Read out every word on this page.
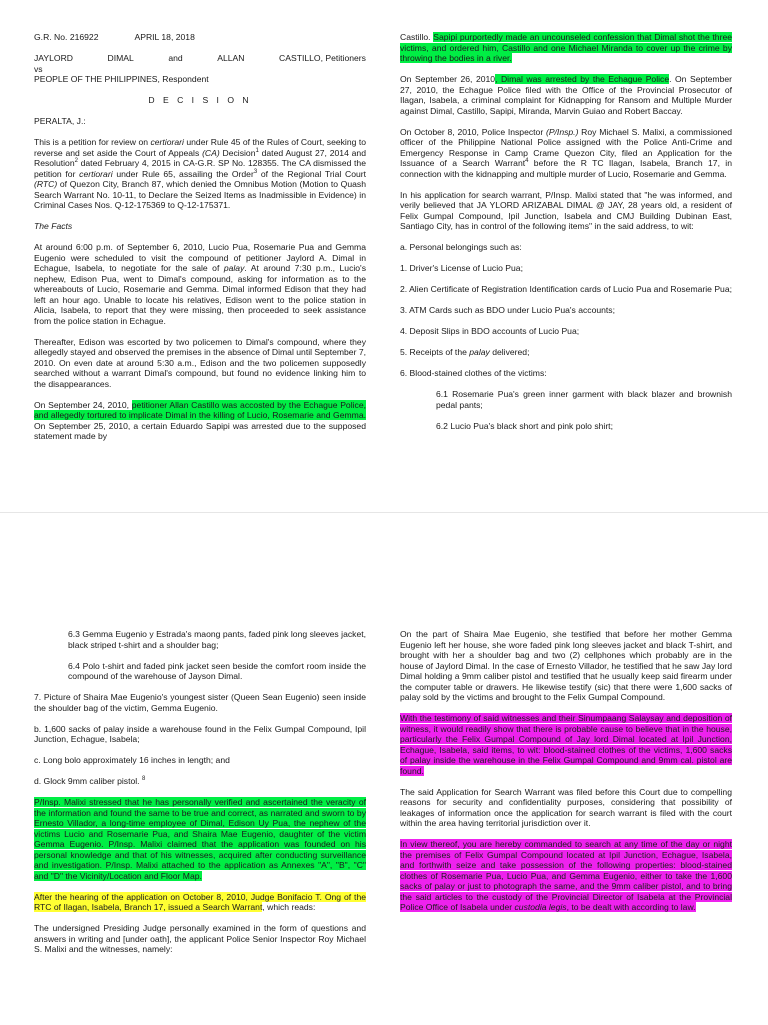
G.R. No. 216922	APRIL 18, 2018
JAYLORD	DIMAL	and	ALLAN	CASTILLO, Petitioners
vs
PEOPLE OF THE PHILIPPINES, Respondent
D E C I S I O N

PERALTA, J.:

This is a petition for review on certiorari under Rule 45 of the Rules of Court, seeking to reverse and set aside the Court of Appeals (CA) Decision$^1$ dated August 27, 2014 and Resolution$^2$ dated February 4, 2015 in CA-G.R. SP No. 128355. The CA dismissed the petition for certiorari under Rule 65, assailing the Order$^3$ of the Regional Trial Court (RTC) of Quezon City, Branch 87, which denied the Omnibus Motion (Motion to Quash Search Warrant No. 10-11, to Declare the Seized Items as Inadmissible in Evidence) in Criminal Cases Nos. Q-12-175369 to Q-12-175371.

The Facts

At around 6:00 p.m. of September 6, 2010, Lucio Pua, Rosemarie Pua and Gemma Eugenio were scheduled to visit the compound of petitioner Jaylord A. Dimal in Echague, Isabela, to negotiate for the sale of palay. At around 7:30 p.m., Lucio's nephew, Edison Pua, went to Dimal's compound, asking for information as to the whereabouts of Lucio, Rosemarie and Gemma. Dimal informed Edison that they had left an hour ago. Unable to locate his relatives, Edison went to the police station in Alicia, Isabela, to report that they were missing, then proceeded to seek assistance from the police station in Echague.

Thereafter, Edison was escorted by two policemen to Dimal's compound, where they allegedly stayed and observed the premises in the absence of Dimal until September 7, 2010. On even date at around 5:30 a.m., Edison and the two policemen supposedly searched without a warrant Dimal's compound, but found no evidence linking him to the disappearances.

On September 24, 2010, petitioner Allan Castillo was accosted by the Echague Police, and allegedly tortured to implicate Dimal in the killing of Lucio, Rosemarie and Gemma. On September 25, 2010, a certain Eduardo Sapipi was arrested due to the supposed statement made by

Castillo. Sapipi purportedly made an uncounseled confession that Dimal shot the three victims, and ordered him, Castillo and one Michael Miranda to cover up the crime by throwing the bodies in a river.

On September 26, 2010, Dimal was arrested by the Echague Police. On September 27, 2010, the Echague Police filed with the Office of the Provincial Prosecutor of Ilagan, Isabela, a criminal complaint for Kidnapping for Ransom and Multiple Murder against Dimal, Castillo, Sapipi, Miranda, Marvin Guiao and Robert Baccay.

On October 8, 2010, Police Inspector (P/Insp.) Roy Michael S. Malixi, a commissioned officer of the Philippine National Police assigned with the Police Anti-Crime and Emergency Response in Camp Crame Quezon City, filed an Application for the Issuance of a Search Warrant$^4$ before the R TC Ilagan, Isabela, Branch 17, in connection with the kidnapping and multiple murder of Lucio, Rosemarie and Gemma.

In his application for search warrant, P/Insp. Malixi stated that "he was informed, and verily believed that JA YLORD ARIZABAL DIMAL @ JAY, 28 years old, a resident of Felix Gumpal Compound, Ipil Junction, Isabela and CMJ Building Dubinan East, Santiago City, has in control of the following items" in the said address, to wit:

a. Personal belongings such as:

1. Driver's License of Lucio Pua;

2. Alien Certificate of Registration Identification cards of Lucio Pua and Rosemarie Pua;

3. ATM Cards such as BDO under Lucio Pua's accounts;

4. Deposit Slips in BDO accounts of Lucio Pua;

5. Receipts of the palay delivered;

6. Blood-stained clothes of the victims:

6.1 Rosemarie Pua's green inner garment with black blazer and brownish pedal pants;

6.2 Lucio Pua's black short and pink polo shirt;

6.3 Gemma Eugenio y Estrada's maong pants, faded pink long sleeves jacket, black striped t-shirt and a shoulder bag;

6.4 Polo t-shirt and faded pink jacket seen beside the comfort room inside the compound of the warehouse of Jayson Dimal.

7. Picture of Shaira Mae Eugenio's youngest sister (Queen Sean Eugenio) seen inside the shoulder bag of the victim, Gemma Eugenio.

b. 1,600 sacks of palay inside a warehouse found in the Felix Gumpal Compound, Ipil Junction, Echague, Isabela;

c. Long bolo approximately 16 inches in length; and

d. Glock 9mm caliber pistol. $^8$

P/Insp. Malixi stressed that he has personally verified and ascertained the veracity of the information and found the same to be true and correct, as narrated and sworn to by Ernesto Villador, a long-time employee of Dimal, Edison Uy Pua, the nephew of the victims Lucio and Rosemarie Pua, and Shaira Mae Eugenio, daughter of the victim Gemma Eugenio. P/Insp. Malixi claimed that the application was founded on his personal knowledge and that of his witnesses, acquired after conducting surveillance and investigation. P/Insp. Malixi attached to the application as Annexes "A", "B", "C" and "D" the Vicinity/Location and Floor Map.

After the hearing of the application on October 8, 2010, Judge Bonifacio T. Ong of the RTC of Ilagan, Isabela, Branch 17, issued a Search Warrant, which reads:

The undersigned Presiding Judge personally examined in the form of questions and answers in writing and [under oath], the applicant Police Senior Inspector Roy Michael S. Malixi and the witnesses, namely:

On the part of Shaira Mae Eugenio, she testified that before her mother Gemma Eugenio left her house, she wore faded pink long sleeves jacket and black T-shirt, and brought with her a shoulder bag and two (2) cellphones which probably are in the house of Jaylord Dimal. In the case of Ernesto Villador, he testified that he saw Jay lord Dimal holding a 9mm caliber pistol and testified that he usually keep said firearm under the computer table or drawers. He likewise testify (sic) that there were 1,600 sacks of palay sold by the victims and brought to the Felix Gumpal Compound.

With the testimony of said witnesses and their Sinumpaang Salaysay and deposition of witness, it would readily show that there is probable cause to believe that in the house, particularly the Felix Gumpal Compound of Jay lord Dimal located at Ipil Junction, Echague, Isabela, said items, to wit: blood-stained clothes of the victims, 1,600 sacks of palay inside the warehouse in the Felix Gumpal Compound and 9mm cal. pistol are found.

The said Application for Search Warrant was filed before this Court due to compelling reasons for security and confidentiality purposes, considering that possibility of leakages of information once the application for search warrant is filed with the court within the area having territorial jurisdiction over it.

In view thereof, you are hereby commanded to search at any time of the day or night the premises of Felix Gumpal Compound located at Ipil Junction, Echague, Isabela, and forthwith seize and take possession of the following properties: blood-stained clothes of Rosemarie Pua, Lucio Pua, and Gemma Eugenio, either to take the 1,600 sacks of palay or just to photograph the same, and the 9mm caliber pistol, and to bring the said articles to the custody of the Provincial Director of Isabela at the Provincial Police Office of Isabela under custodia legis, to be dealt with according to law.
